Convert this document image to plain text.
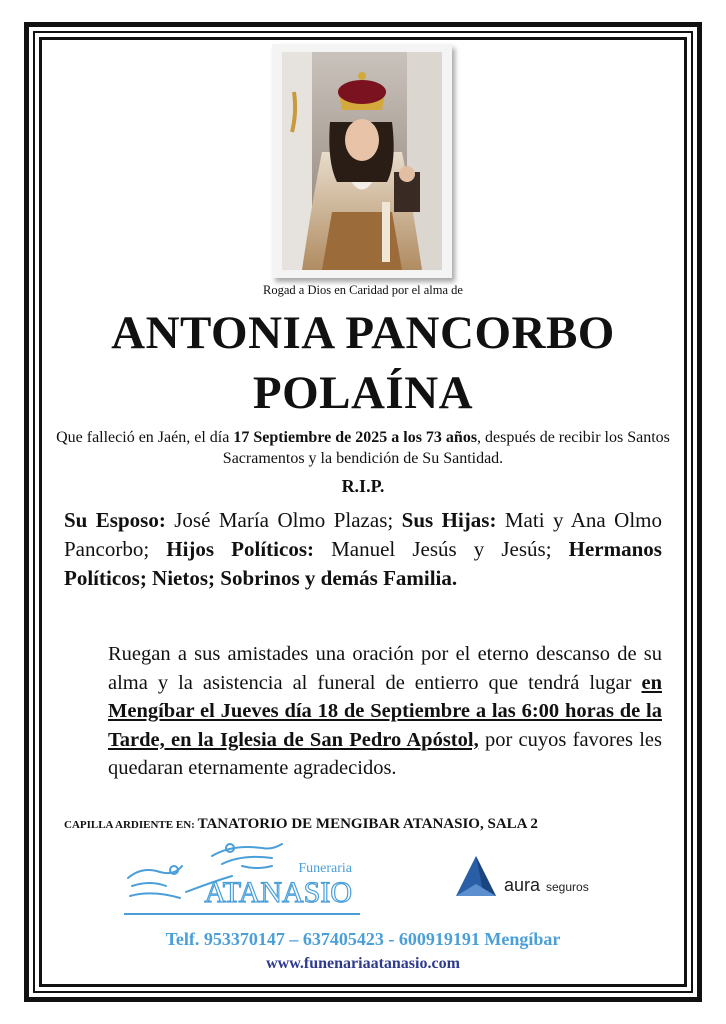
Rogad a Dios en Caridad por el alma de
ANTONIA PANCORBO
POLAÍNA
Que falleció en Jaén, el día 17 Septiembre de 2025 a los 73 años, después de recibir los Santos Sacramentos y la bendición de Su Santidad.
R.I.P.
Su Esposo: José María Olmo Plazas; Sus Hijas: Mati y Ana Olmo Pancorbo; Hijos Políticos: Manuel Jesús y Jesús; Hermanos Políticos; Nietos; Sobrinos y demás Familia.
Ruegan a sus amistades una oración por el eterno descanso de su alma y la asistencia al funeral de entierro que tendrá lugar en Mengíbar el Jueves día 18 de Septiembre a las 6:00 horas de la Tarde, en la Iglesia de San Pedro Apóstol, por cuyos favores les quedaran eternamente agradecidos.
CAPILLA ARDIENTE EN: TANATORIO DE MENGIBAR ATANASIO, SALA 2
Funeraria
ATANASIO	aura seguros
Telf. 953370147 – 637405423 - 600919191 Mengíbar
www.funenariaatanasio.com
